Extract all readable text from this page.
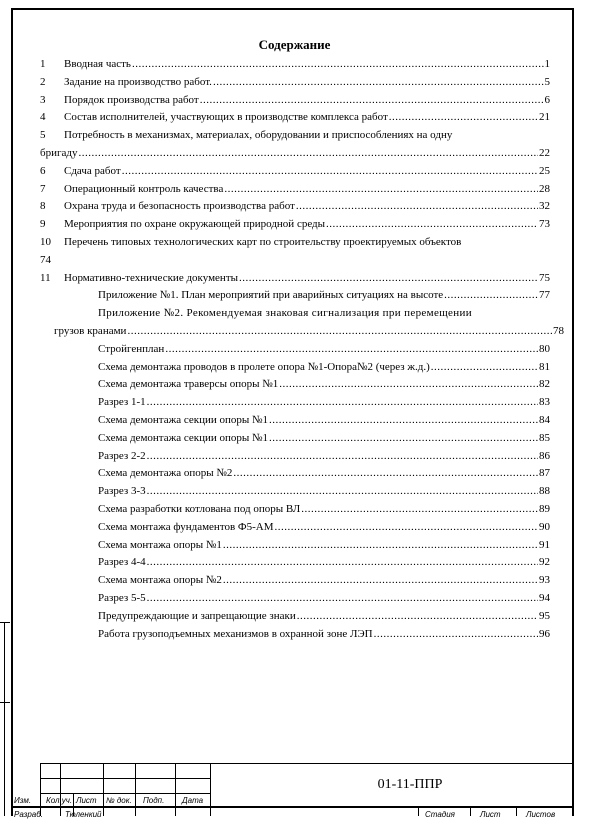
Содержание
1	Вводная часть .....	1
2	Задание на производство работ. .....	5
3	Порядок производства работ .....	6
4	Состав исполнителей, участвующих в производстве комплекса работ .....	21
5	Потребность в механизмах, материалах, оборудовании и приспособлениях на одну
бригаду .....	22
6	Сдача работ .....	25
7	Операционный контроль качества .....	28
8	Охрана труда и безопасность производства работ .....	32
9	Мероприятия по охране окружающей природной среды .....	73
10	Перечень типовых технологических карт по строительству проектируемых объектов
74
11	Нормативно-технические документы .....	75
Приложение №1. План мероприятий при аварийных ситуациях на высоте .....	77
Приложение №2. Рекомендуемая знаковая сигнализация при перемещении
грузов кранами .....	78
Стройгенплан .....	80
Схема демонтажа проводов в пролете опора №1-Опора№2 (через ж.д.) .....	81
Схема демонтажа траверсы опоры №1 .....	82
Разрез 1-1 .....	83
Схема демонтажа секции опоры №1 .....	84
Схема демонтажа секции опоры №1 .....	85
Разрез 2-2 .....	86
Схема демонтажа опоры №2 .....	87
Разрез 3-3 .....	88
Схема разработки котлована под опоры ВЛ .....	89
Схема монтажа фундаментов Ф5-АМ .....	90
Схема монтажа опоры №1 .....	91
Разрез 4-4 .....	92
Схема монтажа опоры №2 .....	93
Разрез 5-5 .....	94
Предупреждающие и запрещающие знаки .....	95
Работа грузоподъемных механизмов в охранной зоне ЛЭП .....	96
01-11-ППР
Изм. Кол.уч. Лист № док. Подп. Дата
Разраб.	Тюленкий	Стадия	Лист	Листов
